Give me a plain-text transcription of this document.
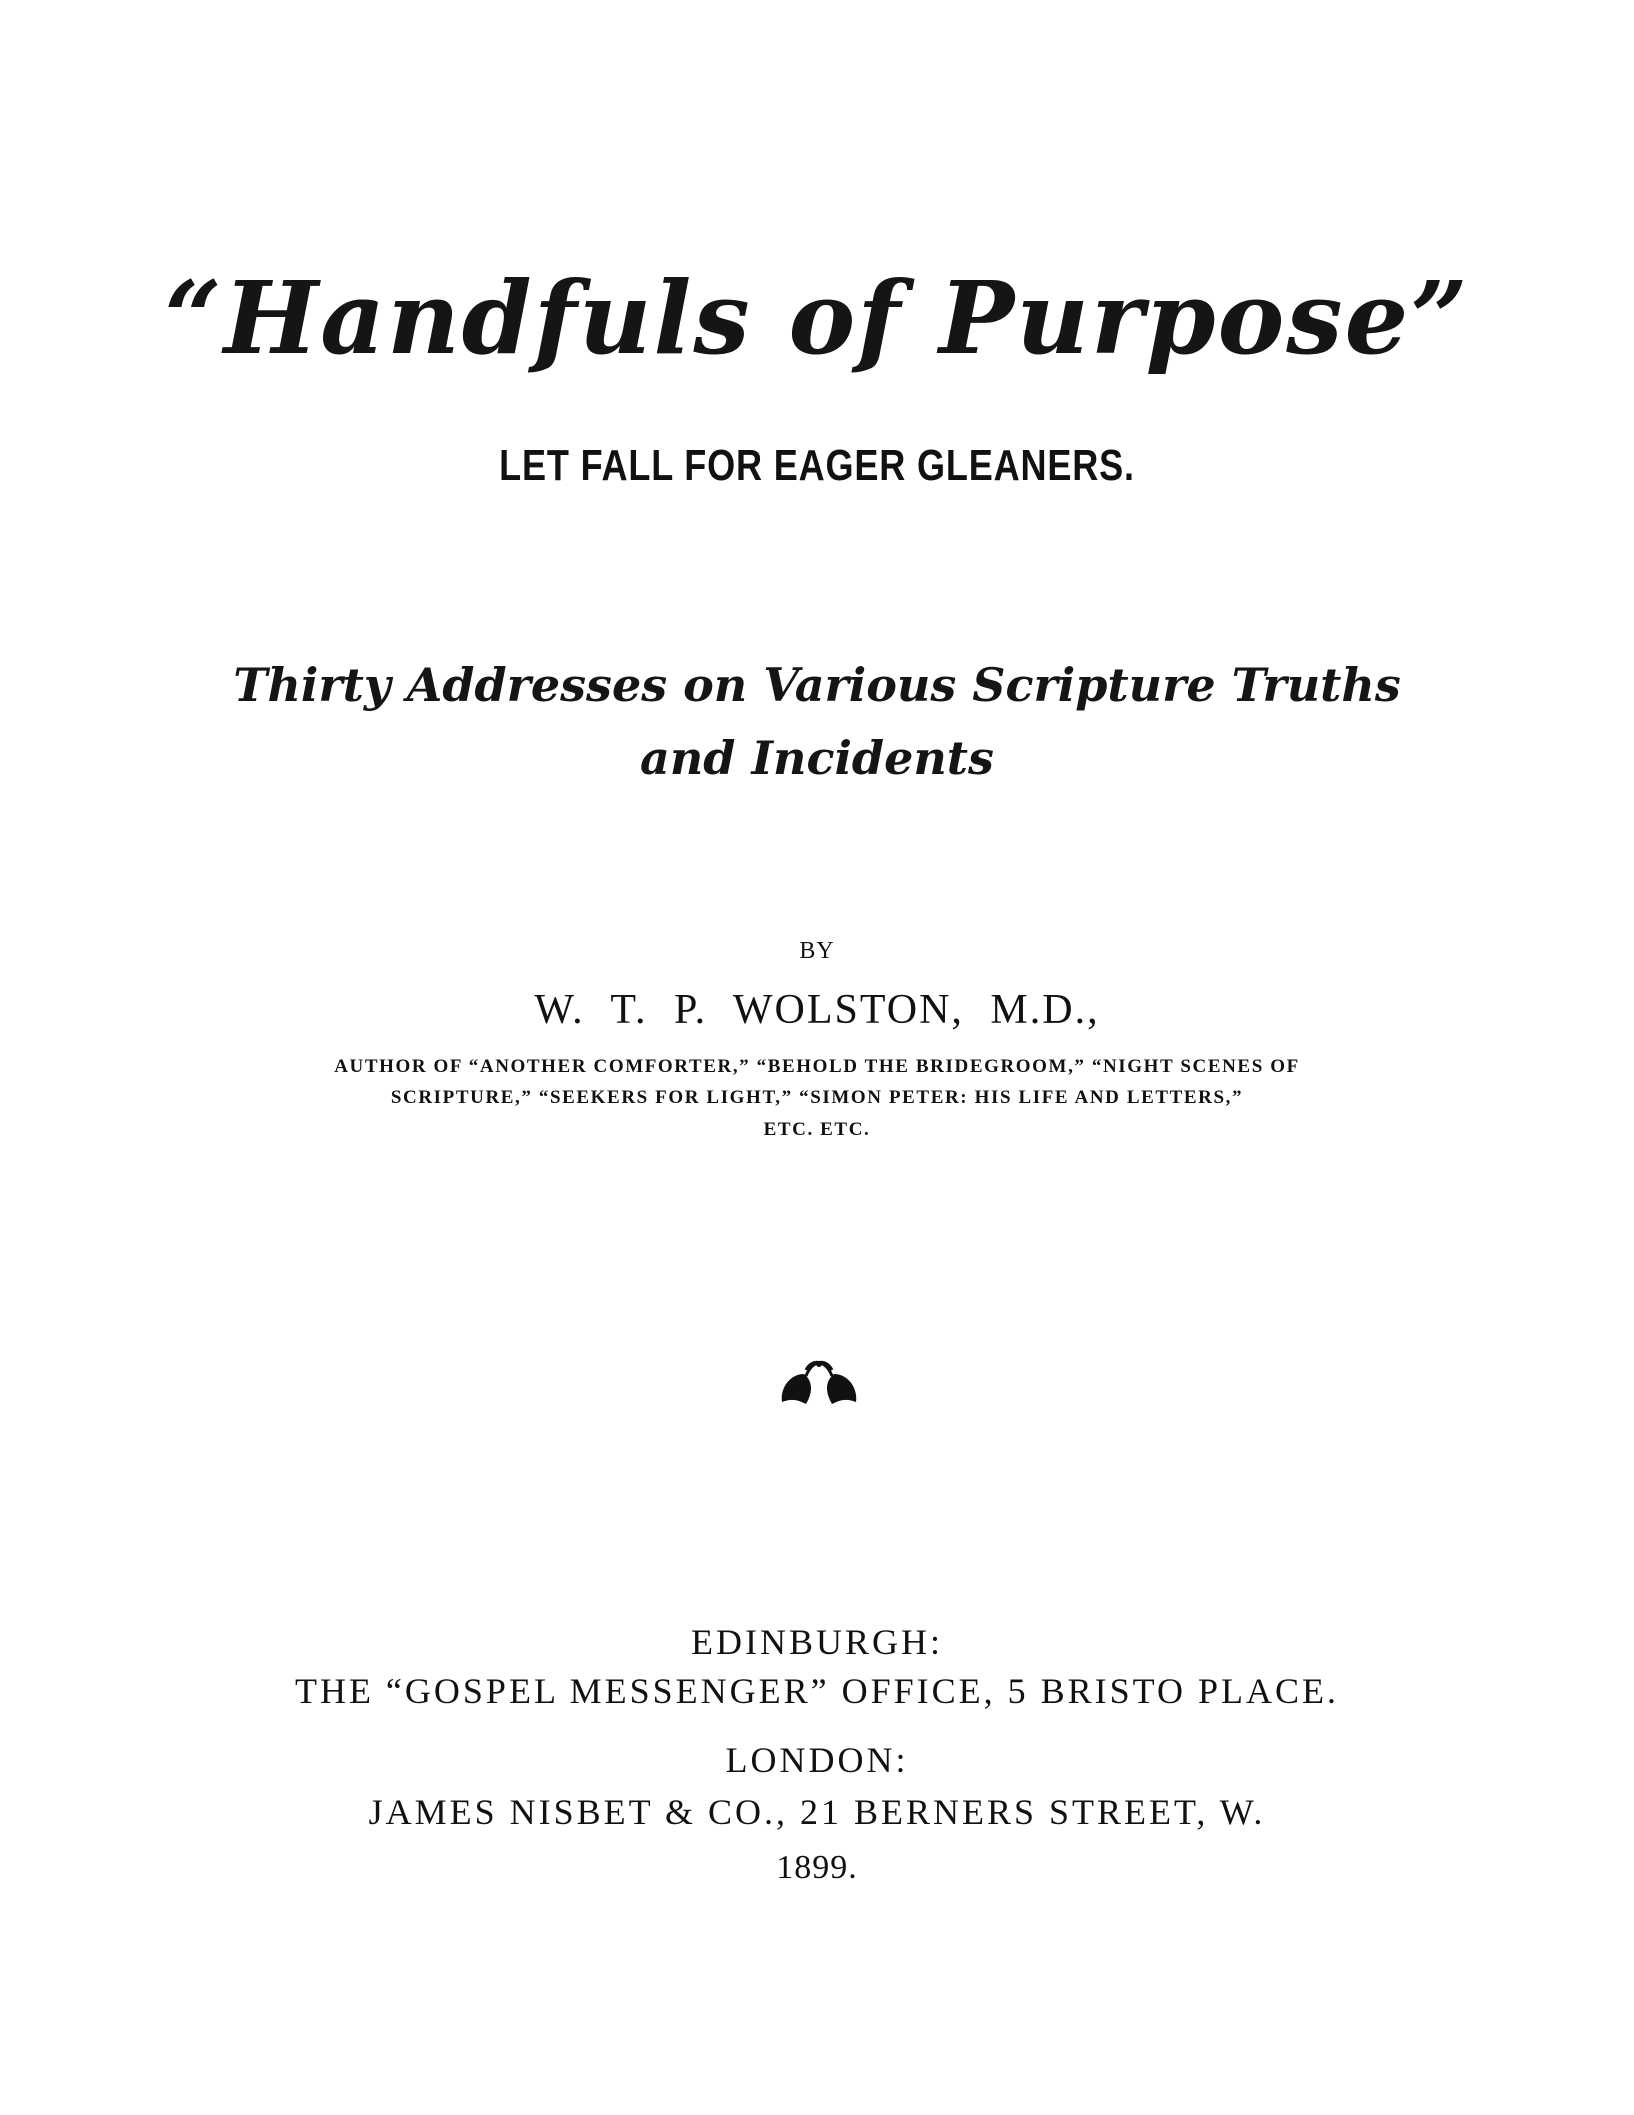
“Handfuls of Purpose”
LET FALL FOR EAGER GLEANERS.
Thirty Addresses on Various Scripture Truths
and Incidents
BY
W. T. P. WOLSTON, M.D.,
AUTHOR OF “ANOTHER COMFORTER,” “BEHOLD THE BRIDEGROOM,” “NIGHT SCENES OF
SCRIPTURE,” “SEEKERS FOR LIGHT,” “SIMON PETER: HIS LIFE AND LETTERS,”
ETC. ETC.
EDINBURGH:
THE “GOSPEL MESSENGER” OFFICE, 5 BRISTO PLACE.
LONDON:
JAMES NISBET & CO., 21 BERNERS STREET, W.
1899.
